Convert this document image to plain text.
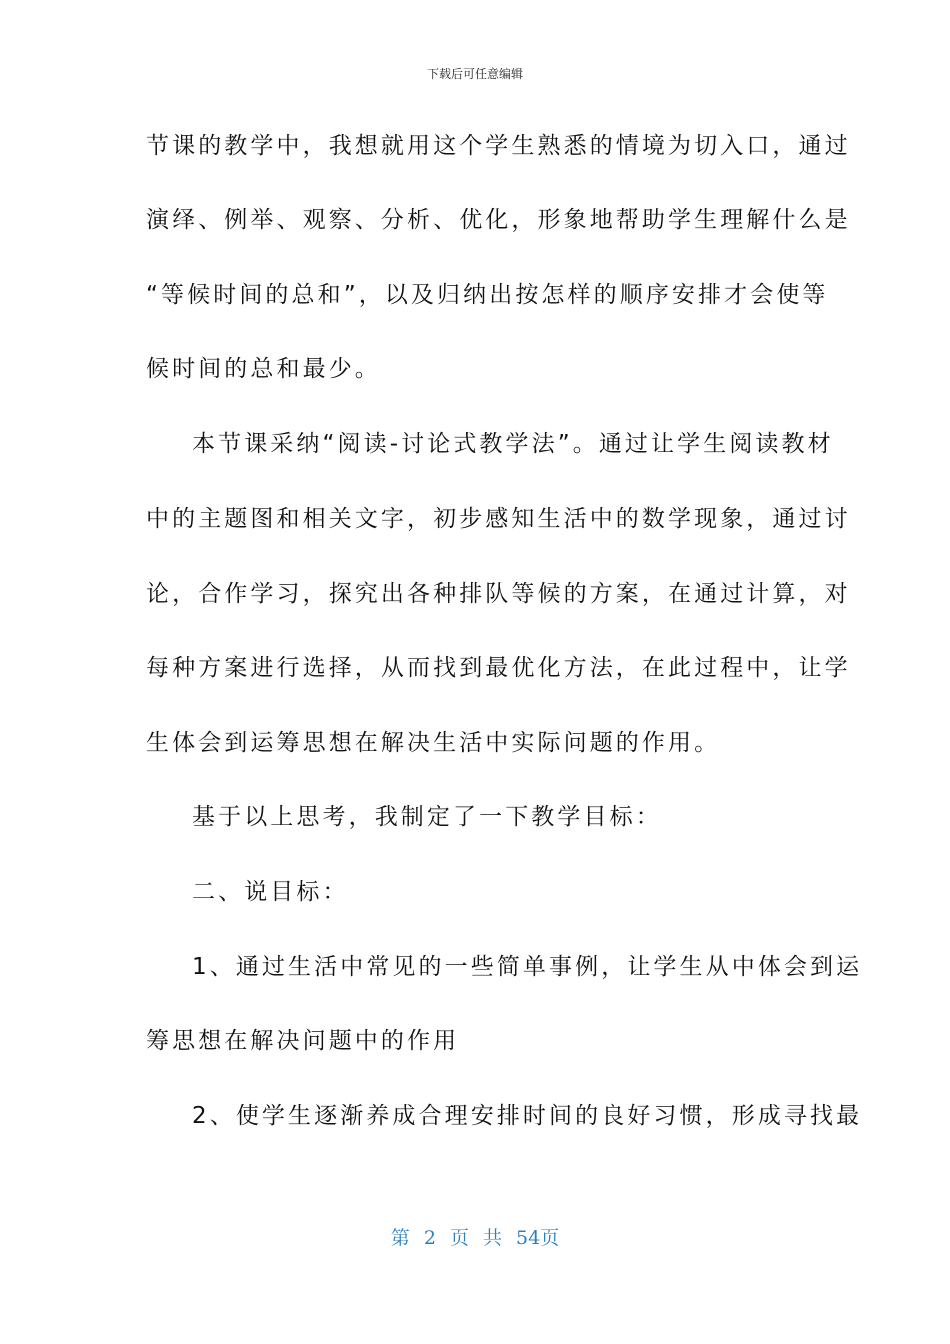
下载后可任意编辑
节课的教学中，我想就用这个学生熟悉的情境为切入口，通过
演绎、例举、观察、分析、优化，形象地帮助学生理解什么是
“等候时间的总和”，以及归纳出按怎样的顺序安排才会使等
候时间的总和最少。
本节课采纳“阅读-讨论式教学法”。通过让学生阅读教材
中的主题图和相关文字，初步感知生活中的数学现象，通过讨
论，合作学习，探究出各种排队等候的方案，在通过计算，对
每种方案进行选择，从而找到最优化方法，在此过程中，让学
生体会到运筹思想在解决生活中实际问题的作用。
基于以上思考，我制定了一下教学目标：
二、说目标：
1、通过生活中常见的一些简单事例，让学生从中体会到运
筹思想在解决问题中的作用
2、使学生逐渐养成合理安排时间的良好习惯，形成寻找最
第 2 页 共 54页
